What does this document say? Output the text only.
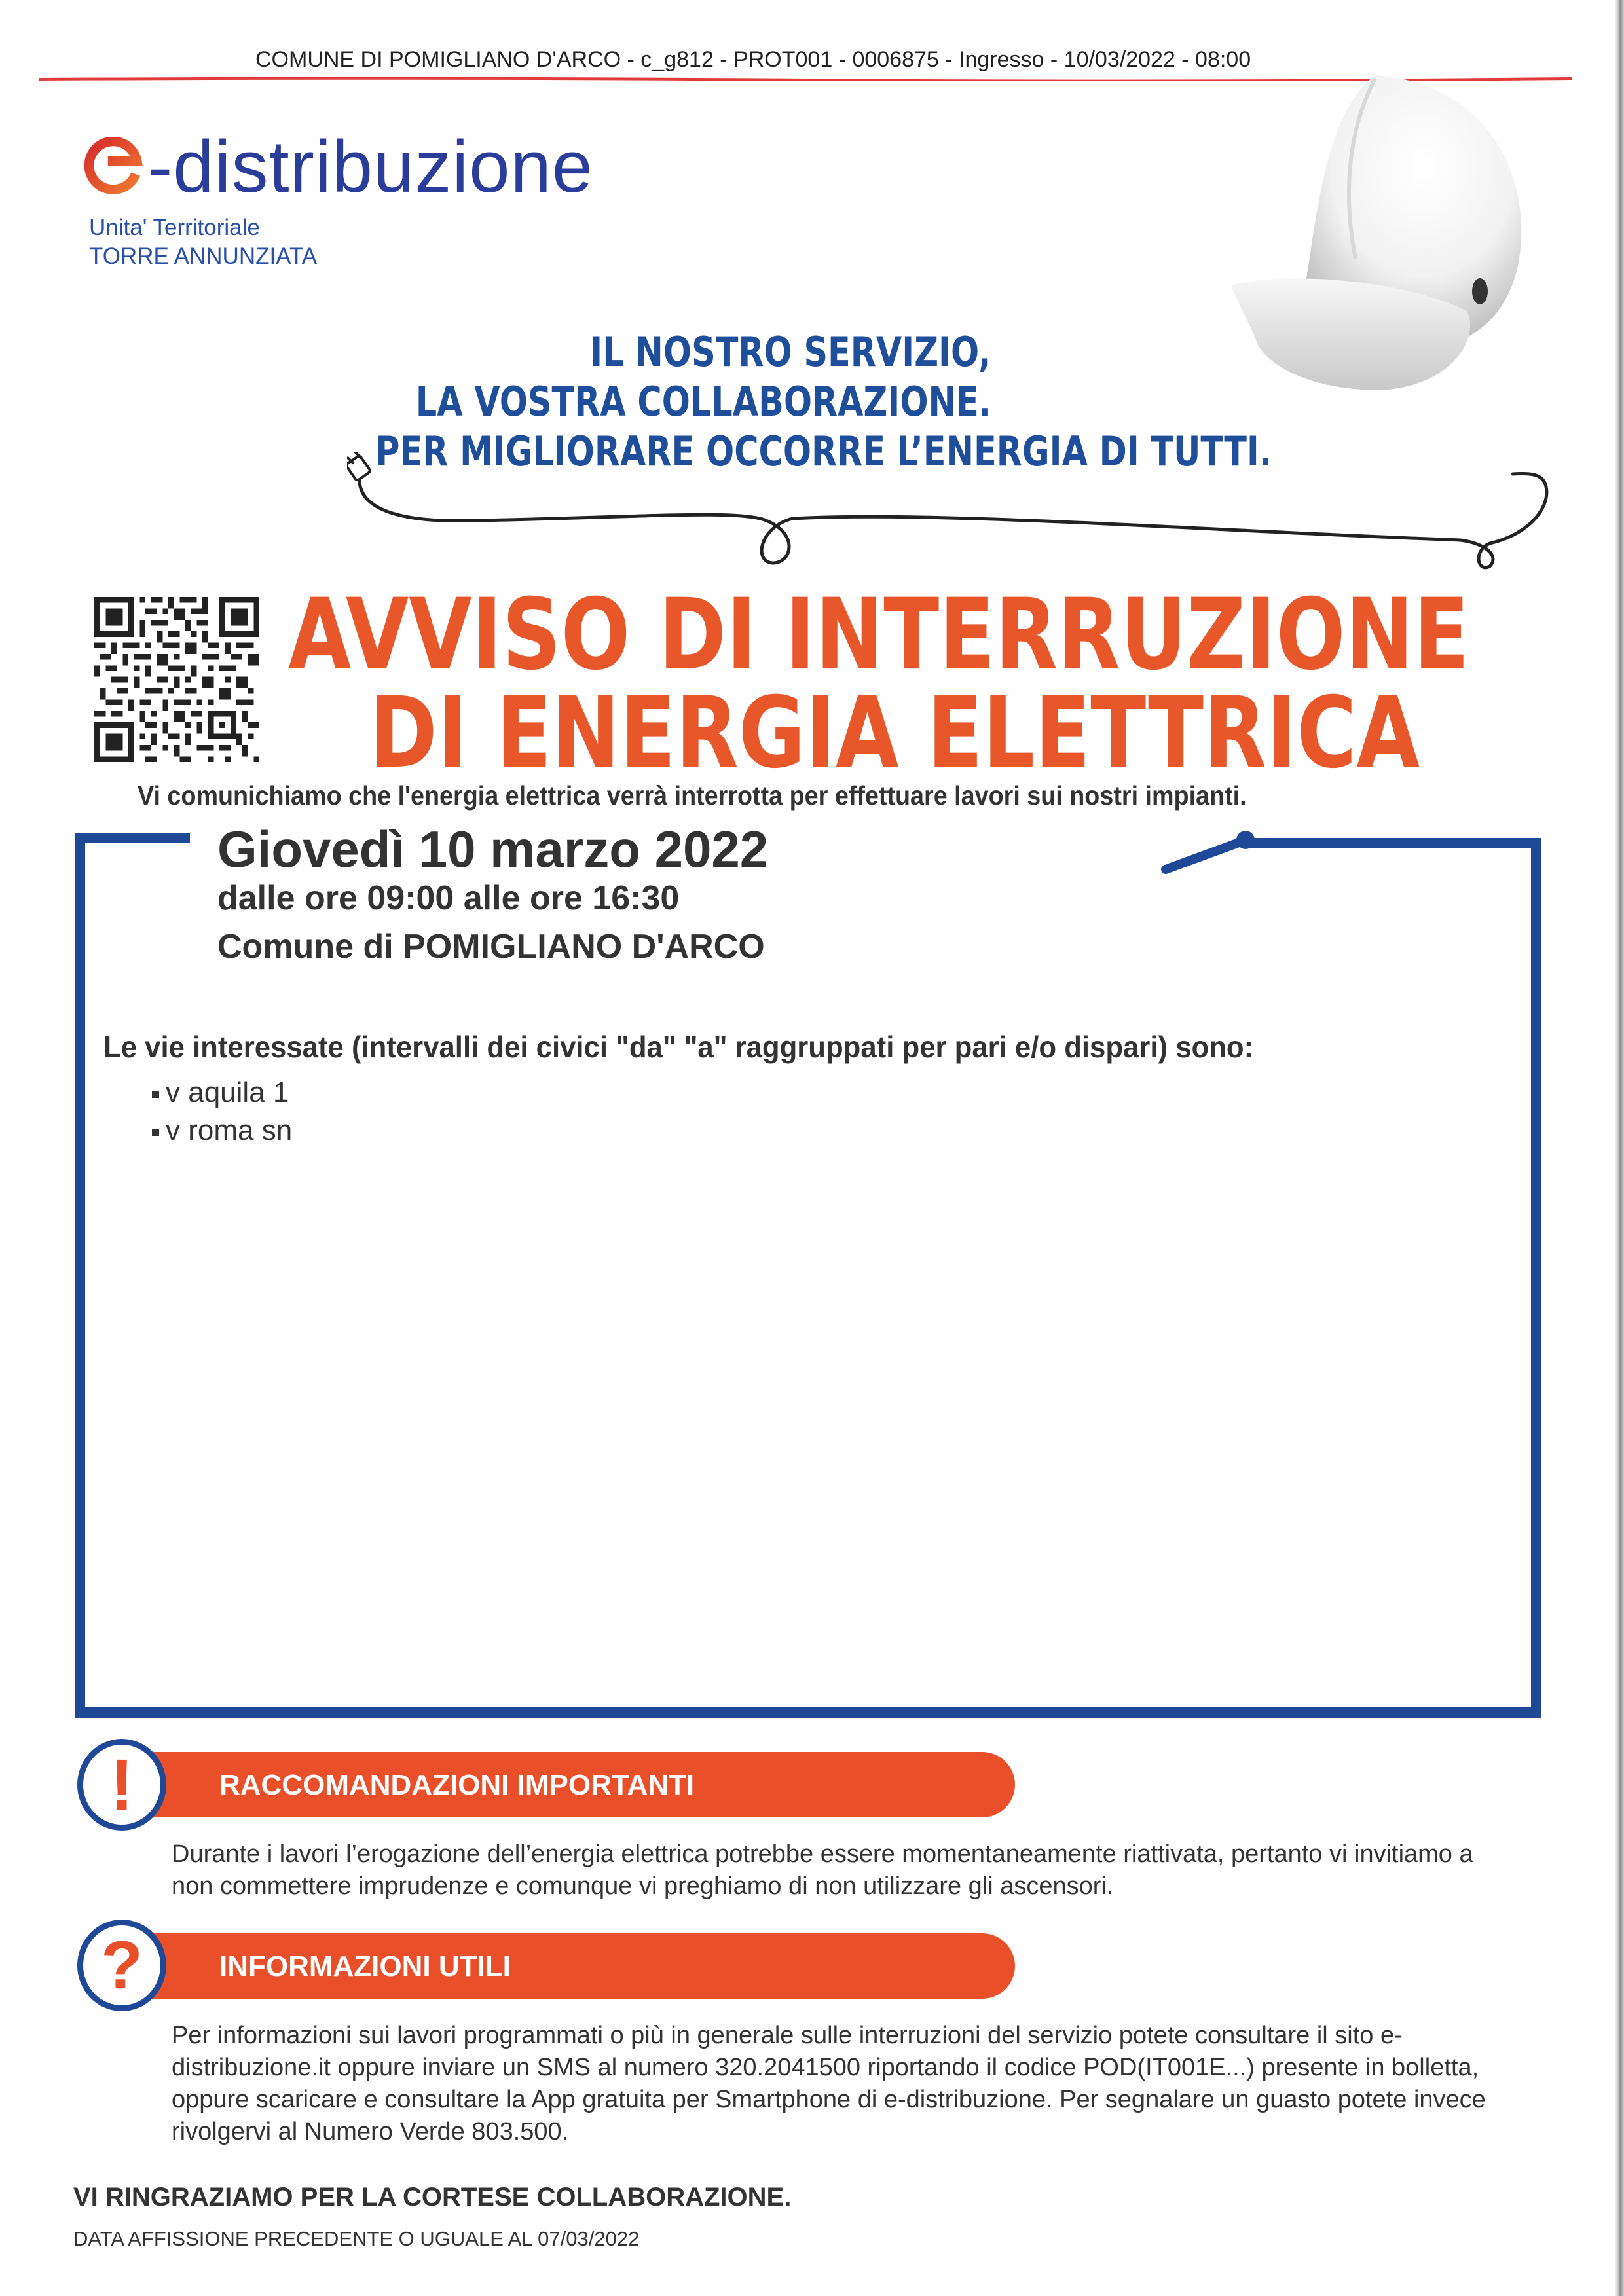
COMUNE DI POMIGLIANO D'ARCO - c_g812 - PROT001 - 0006875 - Ingresso - 10/03/2022 - 08:00
-distribuzione
Unita' Territoriale
TORRE ANNUNZIATA
IL NOSTRO SERVIZIO,
LA VOSTRA COLLABORAZIONE.
PER MIGLIORARE OCCORRE L’ENERGIA DI TUTTI.
AVVISO DI INTERRUZIONE
DI ENERGIA ELETTRICA
Vi comunichiamo che l'energia elettrica verrà interrotta per effettuare lavori sui nostri impianti.
Giovedì 10 marzo 2022
dalle ore 09:00 alle ore 16:30
Comune di POMIGLIANO D'ARCO
Le vie interessate (intervalli dei civici "da" "a" raggruppati per pari e/o dispari) sono:
v aquila 1
v roma sn
RACCOMANDAZIONI IMPORTANTI
!
Durante i lavori l’erogazione dell’energia elettrica potrebbe essere momentaneamente riattivata, pertanto vi invitiamo a non commettere imprudenze e comunque vi preghiamo di non utilizzare gli ascensori.
INFORMAZIONI UTILI
?
Per informazioni sui lavori programmati o più in generale sulle interruzioni del servizio potete consultare il sito e-distribuzione.it oppure inviare un SMS al numero 320.2041500 riportando il codice POD(IT001E...) presente in bolletta, oppure scaricare e consultare la App gratuita per Smartphone di e-distribuzione. Per segnalare un guasto potete invece rivolgervi al Numero Verde 803.500.
VI RINGRAZIAMO PER LA CORTESE COLLABORAZIONE.
DATA AFFISSIONE PRECEDENTE O UGUALE AL 07/03/2022
